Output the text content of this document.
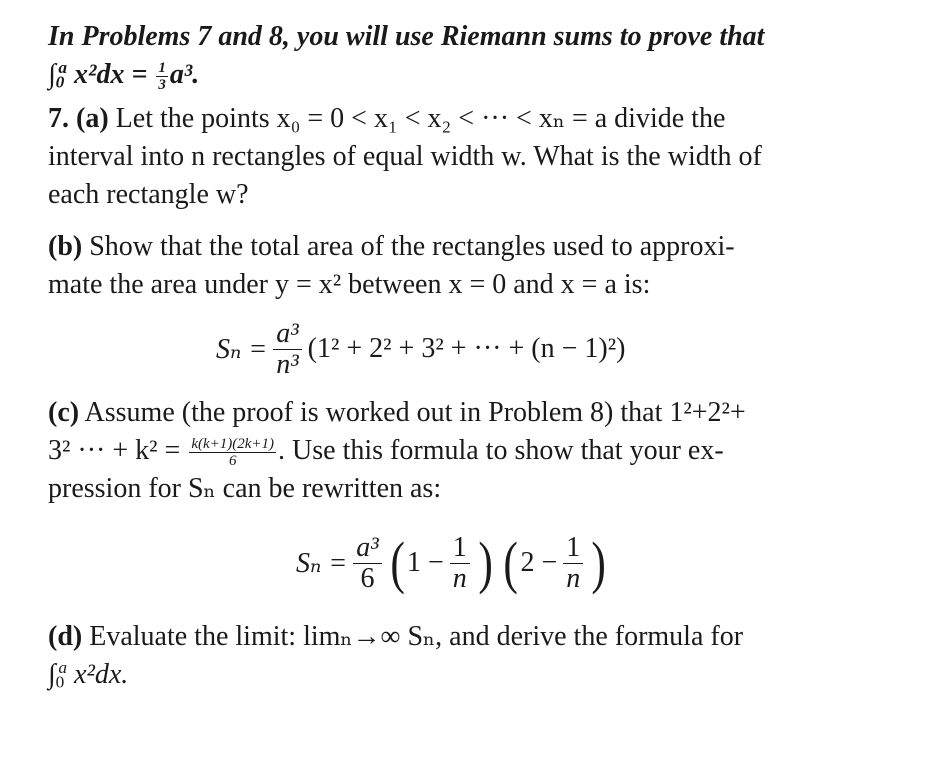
In Problems 7 and 8, you will use Riemann sums to prove that
$\int_0^a$ $x^2dx = \frac{1}{3} a^3$.
7. (a) Let the points x₀ = 0 < x₁ < x₂ < ··· < xₙ = a divide the
interval into n rectangles of equal width w. What is the width of
each rectangle w?
(b) Show that the total area of the rectangles used to approxi-
mate the area under y = x² between x = 0 and x = a is:
$S_n = \frac{\text{a³}}{\text{n³}} (1^2 + 2^2 + 3^2$ + ··· + (n − 1)²)
(c) Assume (the proof is worked out in Problem 8) that 1²+2²+
3² ··· + $k^2 = \frac{k(k+1)(2k+1)}{6}$ . Use this formula to show that your ex-
pression for Sₙ can be rewritten as:
$S_n = \frac{\text{a³}}{6}$ ( $1 - \frac{1}{n}$ ) ( $2 - \frac{1}{n}$ )
(d) Evaluate the limit: limₙ→∞ Sₙ, and derive the formula for
$\int_0^a$ x²dx.
